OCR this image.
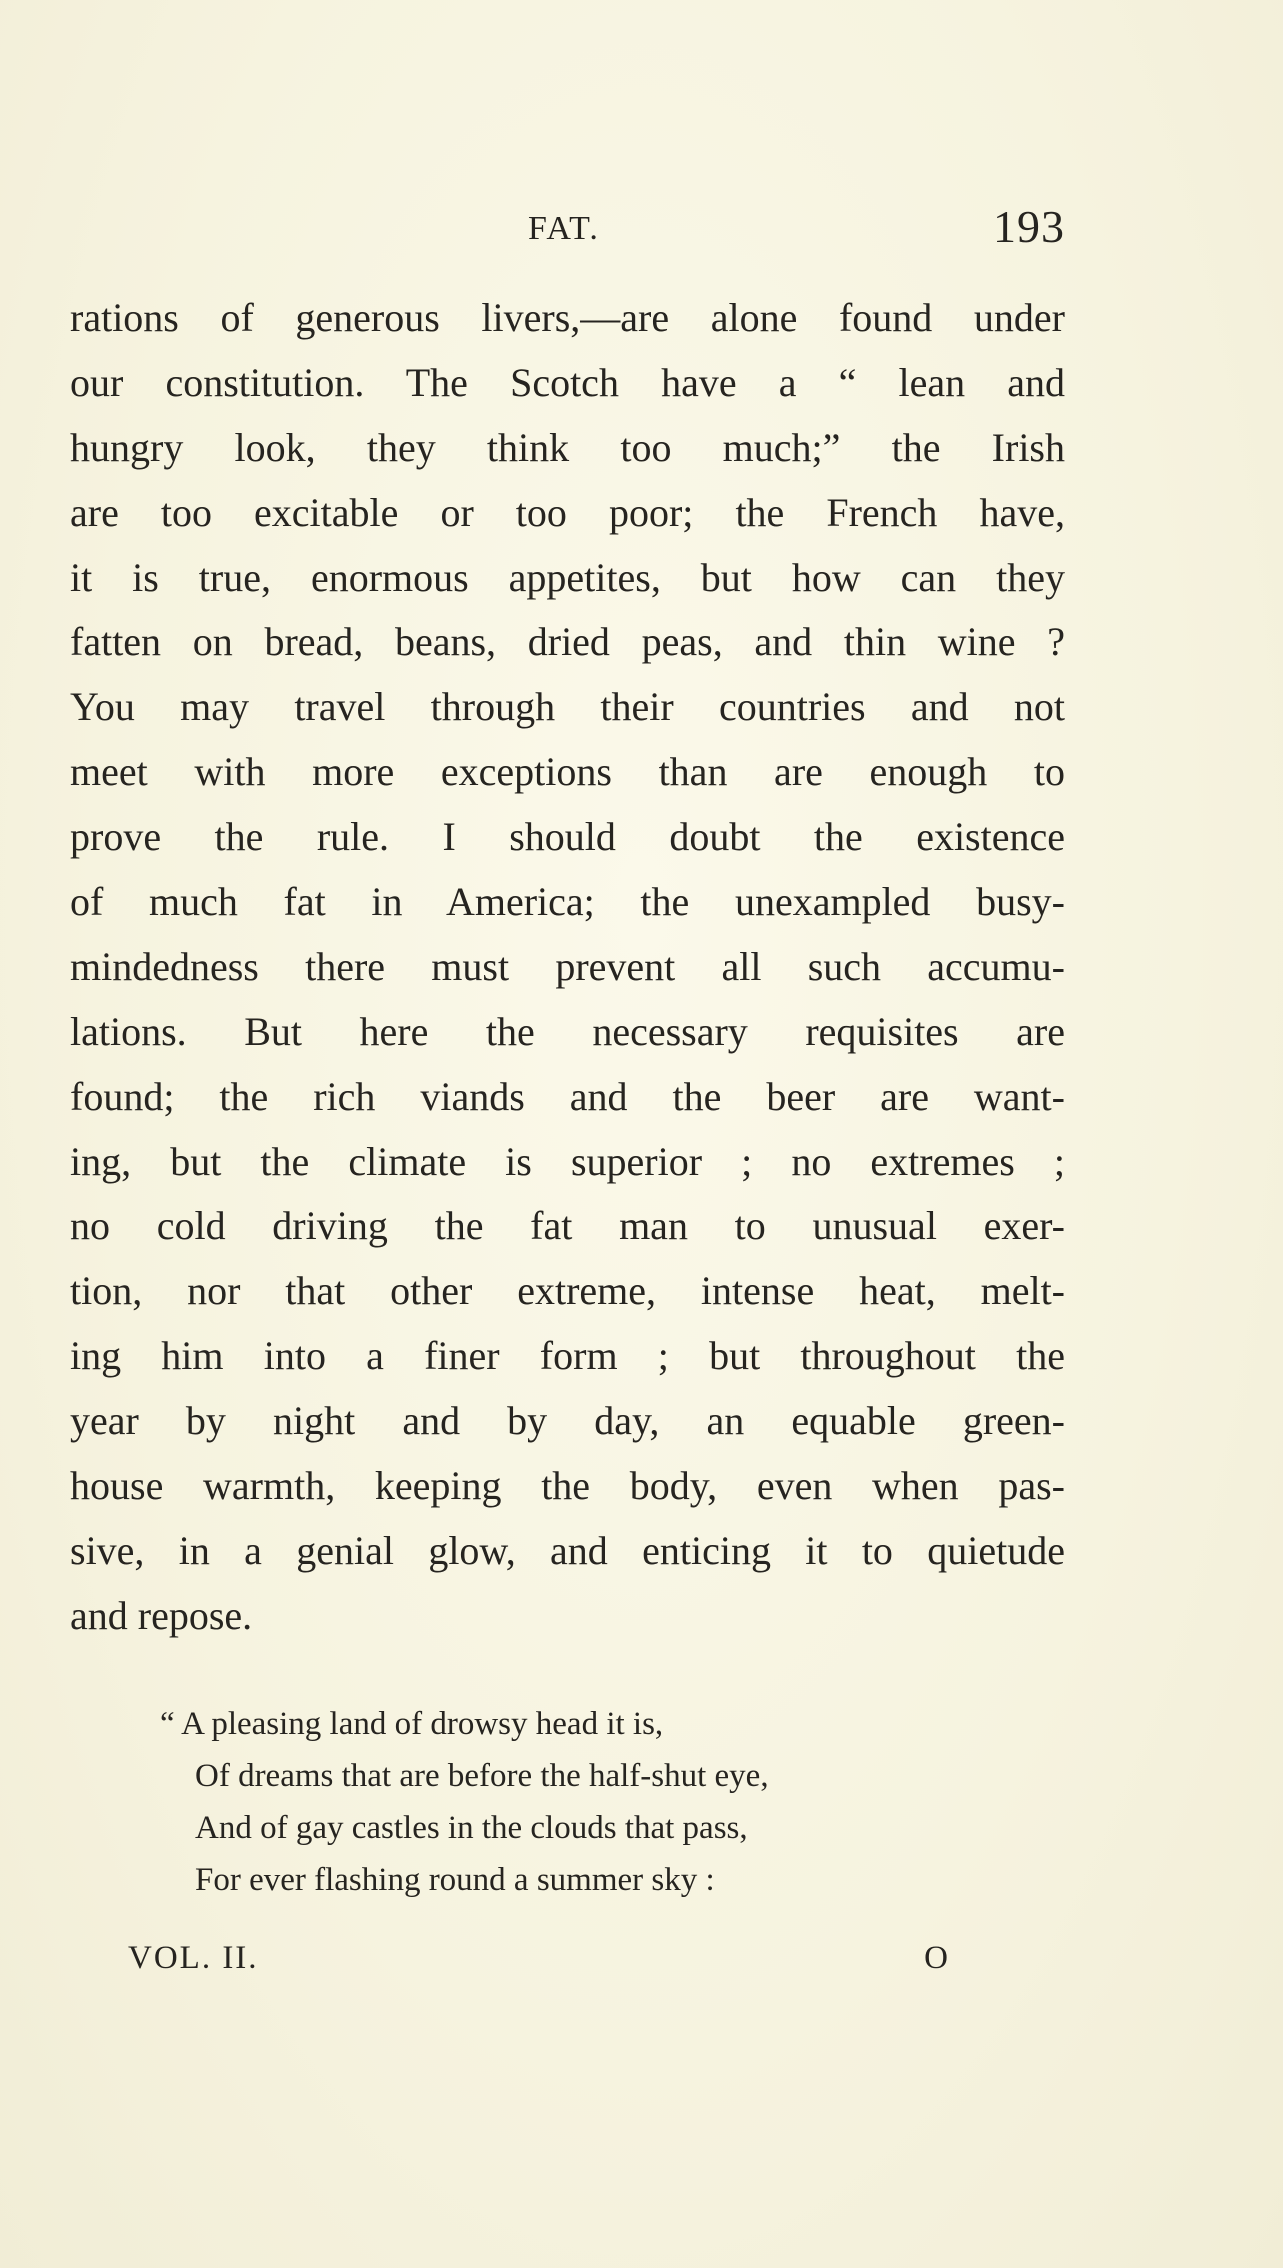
FAT.	193
rations of generous livers,—are alone found under
our constitution. The Scotch have a “ lean and
hungry look, they think too much;” the Irish
are too excitable or too poor; the French have,
it is true, enormous appetites, but how can they
fatten on bread, beans, dried peas, and thin wine ?
You may travel through their countries and not
meet with more exceptions than are enough to
prove the rule. I should doubt the existence
of much fat in America; the unexampled busy-
mindedness there must prevent all such accumu-
lations. But here the necessary requisites are
found; the rich viands and the beer are want-
ing, but the climate is superior ; no extremes ;
no cold driving the fat man to unusual exer-
tion, nor that other extreme, intense heat, melt-
ing him into a finer form ; but throughout the
year by night and by day, an equable green-
house warmth, keeping the body, even when pas-
sive, in a genial glow, and enticing it to quietude
and repose.
“ A pleasing land of drowsy head it is,
Of dreams that are before the half-shut eye,
And of gay castles in the clouds that pass,
For ever flashing round a summer sky :
VOL. II.	O
